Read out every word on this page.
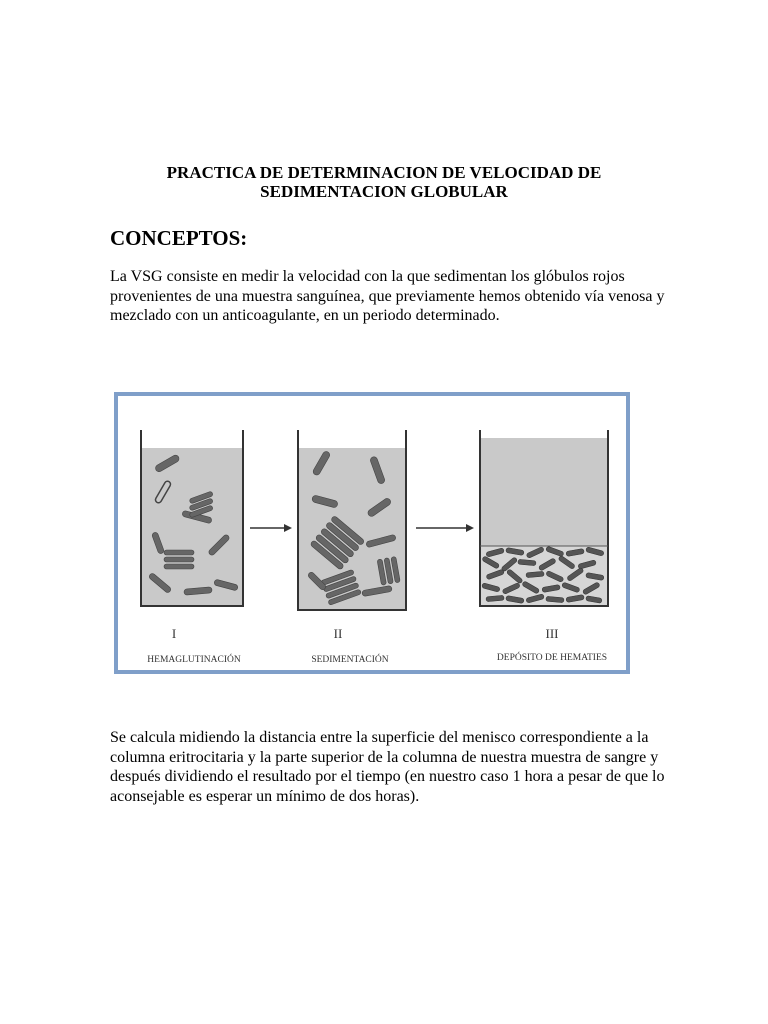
PRACTICA DE DETERMINACION DE VELOCIDAD DE
SEDIMENTACION GLOBULAR
CONCEPTOS:
La VSG consiste en medir la velocidad con la que sedimentan los glóbulos rojos provenientes de una muestra sanguínea, que previamente hemos obtenido vía venosa y mezclado con un anticoagulante, en un periodo determinado.
I
HEMAGLUTINACIÓN
II
SEDIMENTACIÓN
III
DEPÓSITO DE HEMATIES
Se calcula midiendo la distancia entre la superficie del menisco correspondiente a la columna eritrocitaria y la parte superior de la columna de nuestra muestra de sangre y después dividiendo el resultado por el tiempo (en nuestro caso 1 hora a pesar de que lo aconsejable es esperar un mínimo de dos horas).
